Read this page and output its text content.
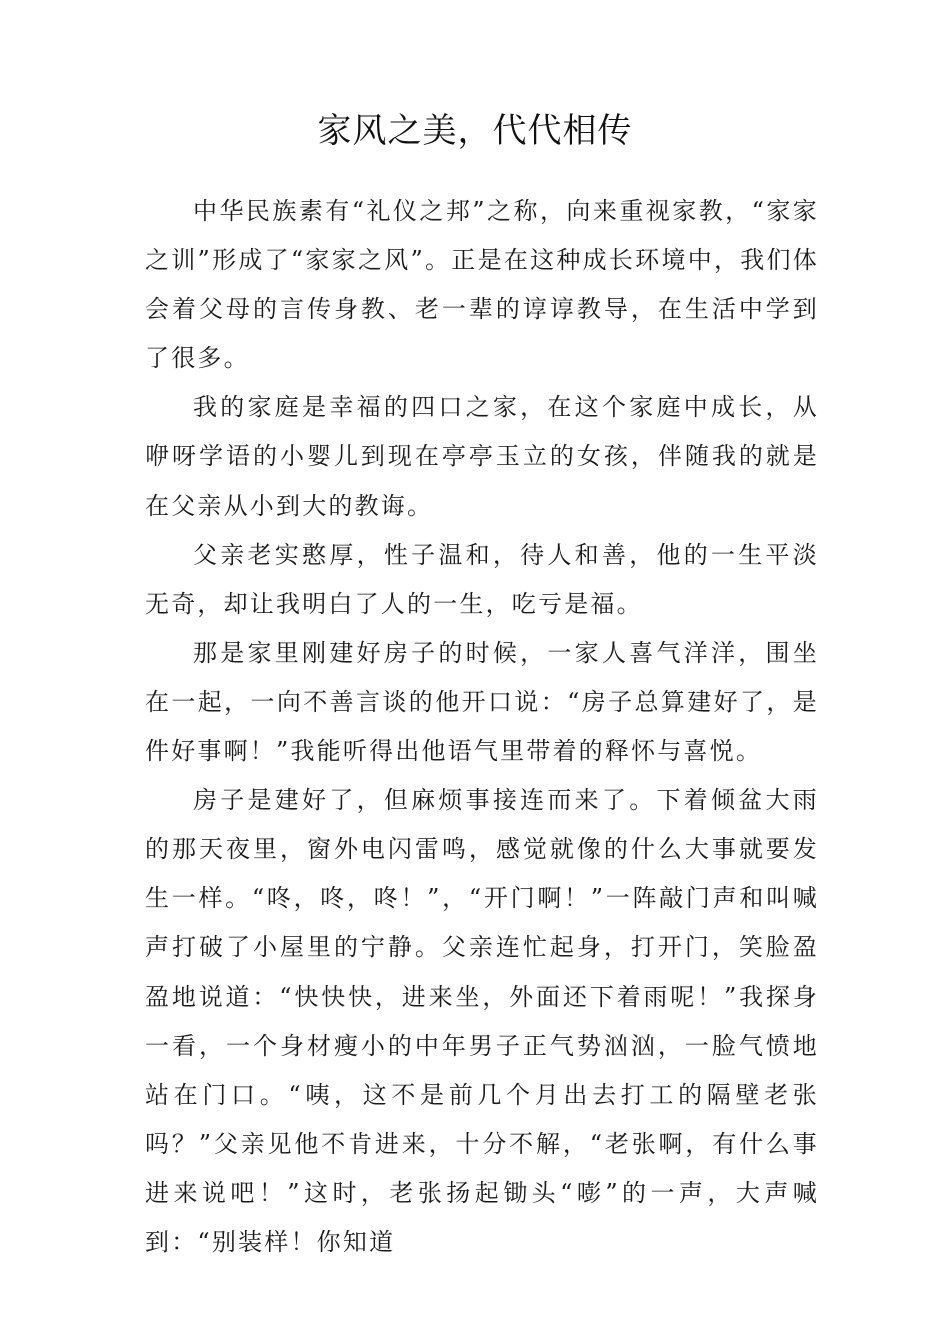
家风之美，代代相传

中华民族素有“礼仪之邦”之称，向来重视家教，“家家之训”形成了“家家之风”。正是在这种成长环境中，我们体会着父母的言传身教、老一辈的谆谆教导，在生活中学到了很多。

我的家庭是幸福的四口之家，在这个家庭中成长，从咿呀学语的小婴儿到现在亭亭玉立的女孩，伴随我的就是在父亲从小到大的教诲。

父亲老实憨厚，性子温和，待人和善，他的一生平淡无奇，却让我明白了人的一生，吃亏是福。

那是家里刚建好房子的时候，一家人喜气洋洋，围坐在一起，一向不善言谈的他开口说：“房子总算建好了，是件好事啊！”我能听得出他语气里带着的释怀与喜悦。

房子是建好了，但麻烦事接连而来了。下着倾盆大雨的那天夜里，窗外电闪雷鸣，感觉就像的什么大事就要发生一样。“咚，咚，咚！”，“开门啊！”一阵敲门声和叫喊声打破了小屋里的宁静。父亲连忙起身，打开门，笑脸盈盈地说道：“快快快，进来坐，外面还下着雨呢！”我探身一看，一个身材瘦小的中年男子正气势汹汹，一脸气愤地站在门口。“咦，这不是前几个月出去打工的隔壁老张吗？”父亲见他不肯进来，十分不解，“老张啊，有什么事进来说吧！”这时，老张扬起锄头“嘭”的一声，大声喊到：“别装样！你知道
